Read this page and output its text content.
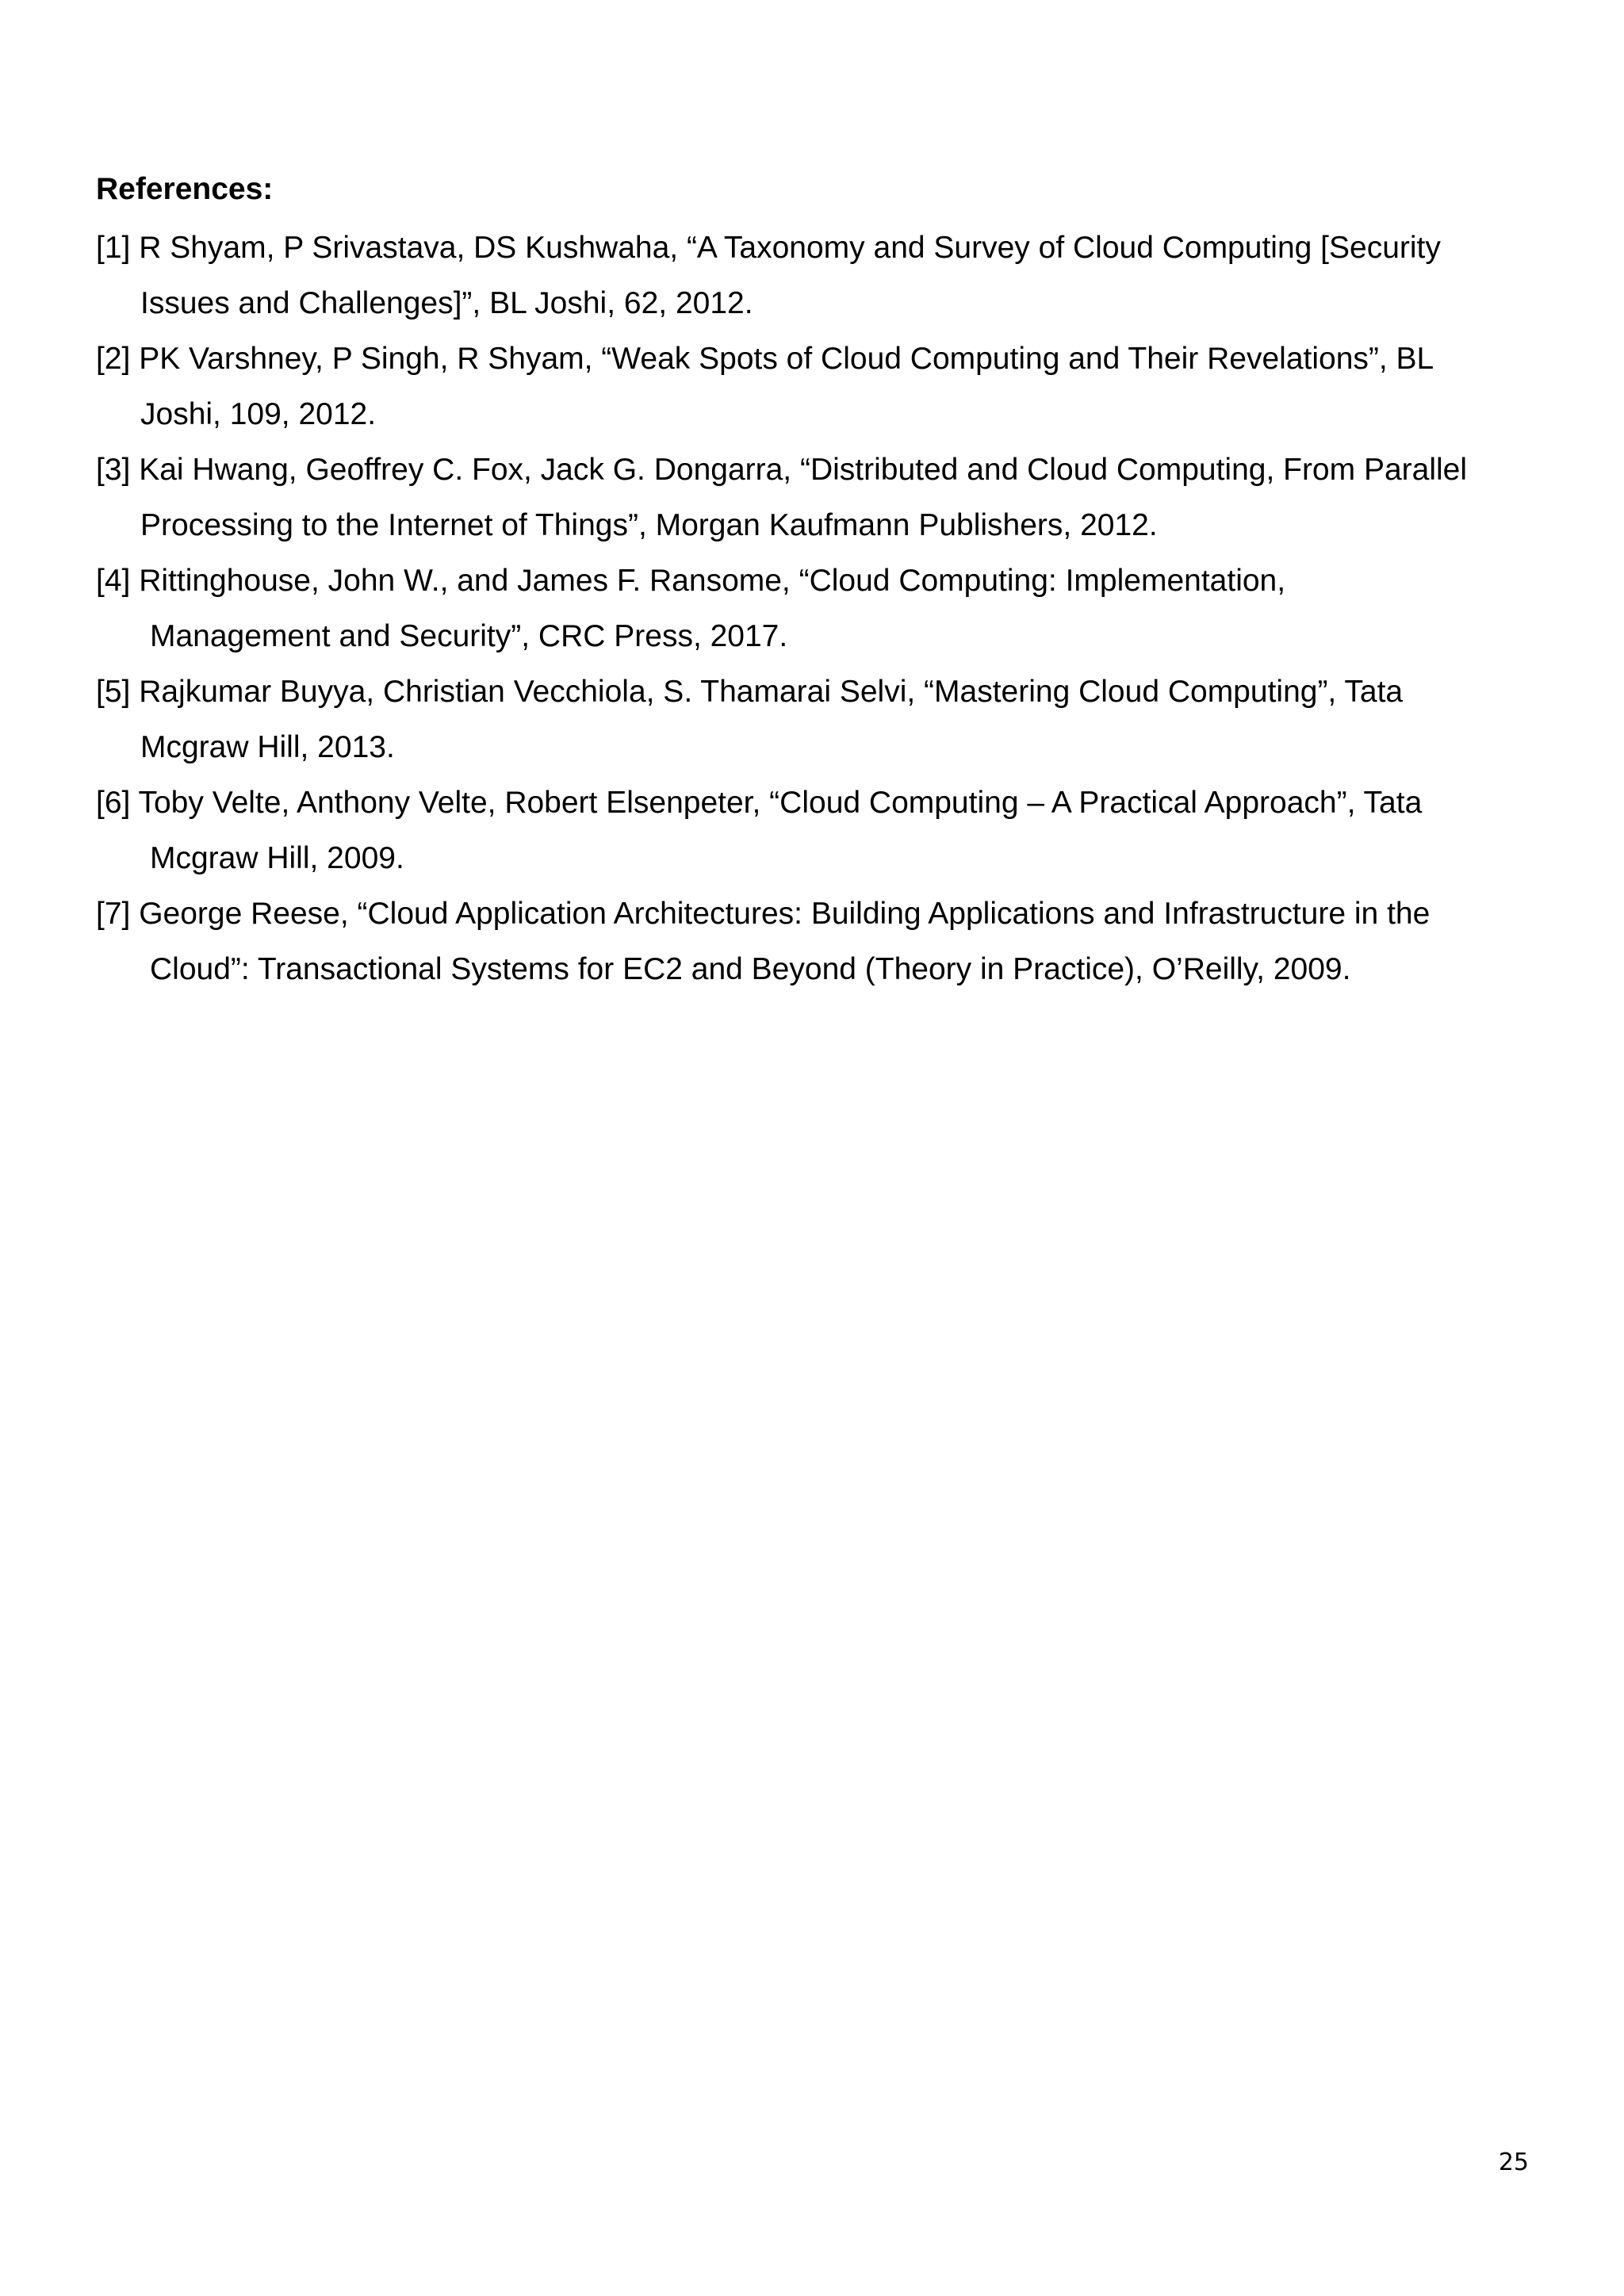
References:
[1] R Shyam, P Srivastava, DS Kushwaha, “A Taxonomy and Survey of Cloud Computing [Security
Issues and Challenges]”, BL Joshi, 62, 2012.
[2] PK Varshney, P Singh, R Shyam, “Weak Spots of Cloud Computing and Their Revelations”, BL
Joshi, 109, 2012.
[3] Kai Hwang, Geoffrey C. Fox, Jack G. Dongarra, “Distributed and Cloud Computing, From Parallel
Processing to the Internet of Things”, Morgan Kaufmann Publishers, 2012.
[4] Rittinghouse, John W., and James F. Ransome, “Cloud Computing: Implementation,
Management and Security”, CRC Press, 2017.
[5] Rajkumar Buyya, Christian Vecchiola, S. Thamarai Selvi, “Mastering Cloud Computing”, Tata
Mcgraw Hill, 2013.
[6] Toby Velte, Anthony Velte, Robert Elsenpeter, “Cloud Computing – A Practical Approach”, Tata
Mcgraw Hill, 2009.
[7] George Reese, “Cloud Application Architectures: Building Applications and Infrastructure in the
Cloud”: Transactional Systems for EC2 and Beyond (Theory in Practice), O’Reilly, 2009.
25
